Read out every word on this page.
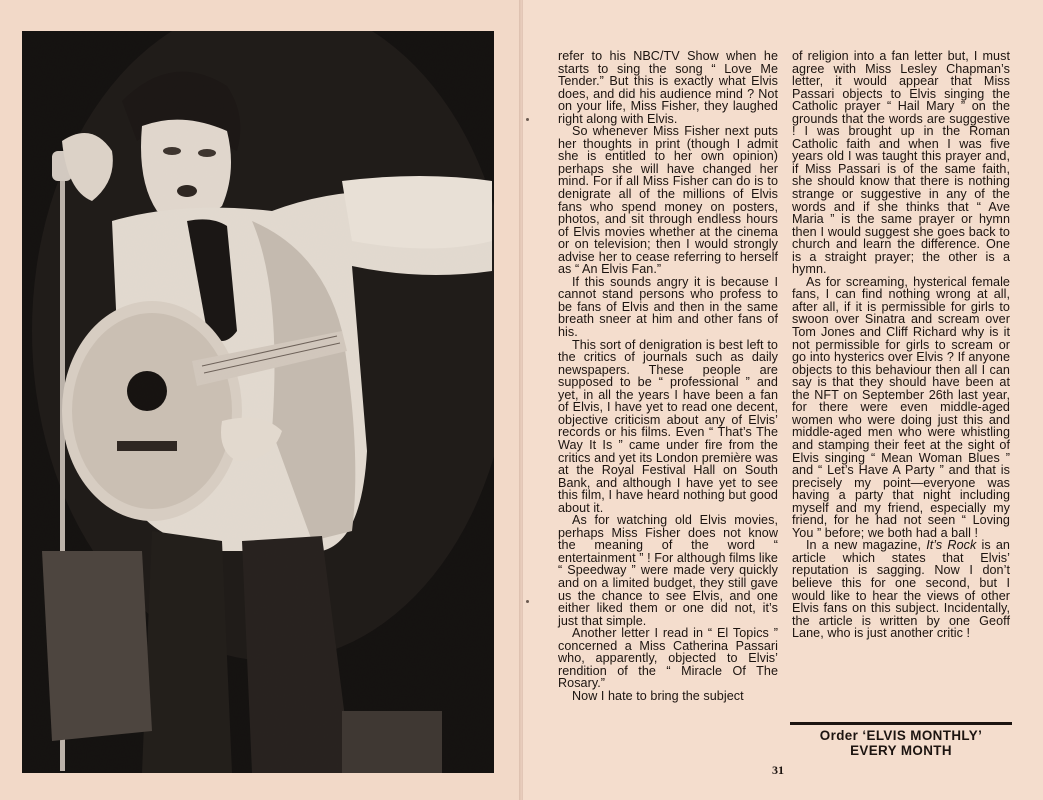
refer to his NBC/TV Show when he starts to sing the song “ Love Me Tender.” But this is exactly what Elvis does, and did his audience mind ? Not on your life, Miss Fisher, they laughed right along with Elvis.

So whenever Miss Fisher next puts her thoughts in print (though I admit she is entitled to her own opinion) perhaps she will have changed her mind. For if all Miss Fisher can do is to denigrate all of the millions of Elvis fans who spend money on posters, photos, and sit through endless hours of Elvis movies whether at the cinema or on television; then I would strongly advise her to cease referring to herself as “ An Elvis Fan.”

If this sounds angry it is because I cannot stand persons who profess to be fans of Elvis and then in the same breath sneer at him and other fans of his.

This sort of denigration is best left to the critics of journals such as daily newspapers. These people are supposed to be “ professional ” and yet, in all the years I have been a fan of Elvis, I have yet to read one decent, objective criticism about any of Elvis’ records or his films. Even “ That’s The Way It Is ” came under fire from the critics and yet its London première was at the Royal Festival Hall on South Bank, and although I have yet to see this film, I have heard nothing but good about it.

As for watching old Elvis movies, perhaps Miss Fisher does not know the meaning of the word “ entertainment ” ! For although films like “ Speedway ” were made very quickly and on a limited budget, they still gave us the chance to see Elvis, and one either liked them or one did not, it’s just that simple.

Another letter I read in “ El Topics ” concerned a Miss Catherina Passari who, apparently, objected to Elvis’ rendition of the “ Miracle Of The Rosary.”

Now I hate to bring the subject

of religion into a fan letter but, I must agree with Miss Lesley Chapman’s letter, it would appear that Miss Passari objects to Elvis singing the Catholic prayer “ Hail Mary ” on the grounds that the words are suggestive ! I was brought up in the Roman Catholic faith and when I was five years old I was taught this prayer and, if Miss Passari is of the same faith, she should know that there is nothing strange or suggestive in any of the words and if she thinks that “ Ave Maria ” is the same prayer or hymn then I would suggest she goes back to church and learn the difference. One is a straight prayer; the other is a hymn.

As for screaming, hysterical female fans, I can find nothing wrong at all, after all, if it is permissible for girls to swoon over Sinatra and scream over Tom Jones and Cliff Richard why is it not permissible for girls to scream or go into hysterics over Elvis ? If anyone objects to this behaviour then all I can say is that they should have been at the NFT on September 26th last year, for there were even middle-aged women who were doing just this and middle-aged men who were whistling and stamping their feet at the sight of Elvis singing “ Mean Woman Blues ” and “ Let’s Have A Party ” and that is precisely my point—everyone was having a party that night including myself and my friend, especially my friend, for he had not seen “ Loving You ” before; we both had a ball !

In a new magazine, It’s Rock is an article which states that Elvis’ reputation is sagging. Now I don’t believe this for one second, but I would like to hear the views of other Elvis fans on this subject. Incidentally, the article is written by one Geoff Lane, who is just another critic !

Order ‘ELVIS MONTHLY’
EVERY MONTH
31
